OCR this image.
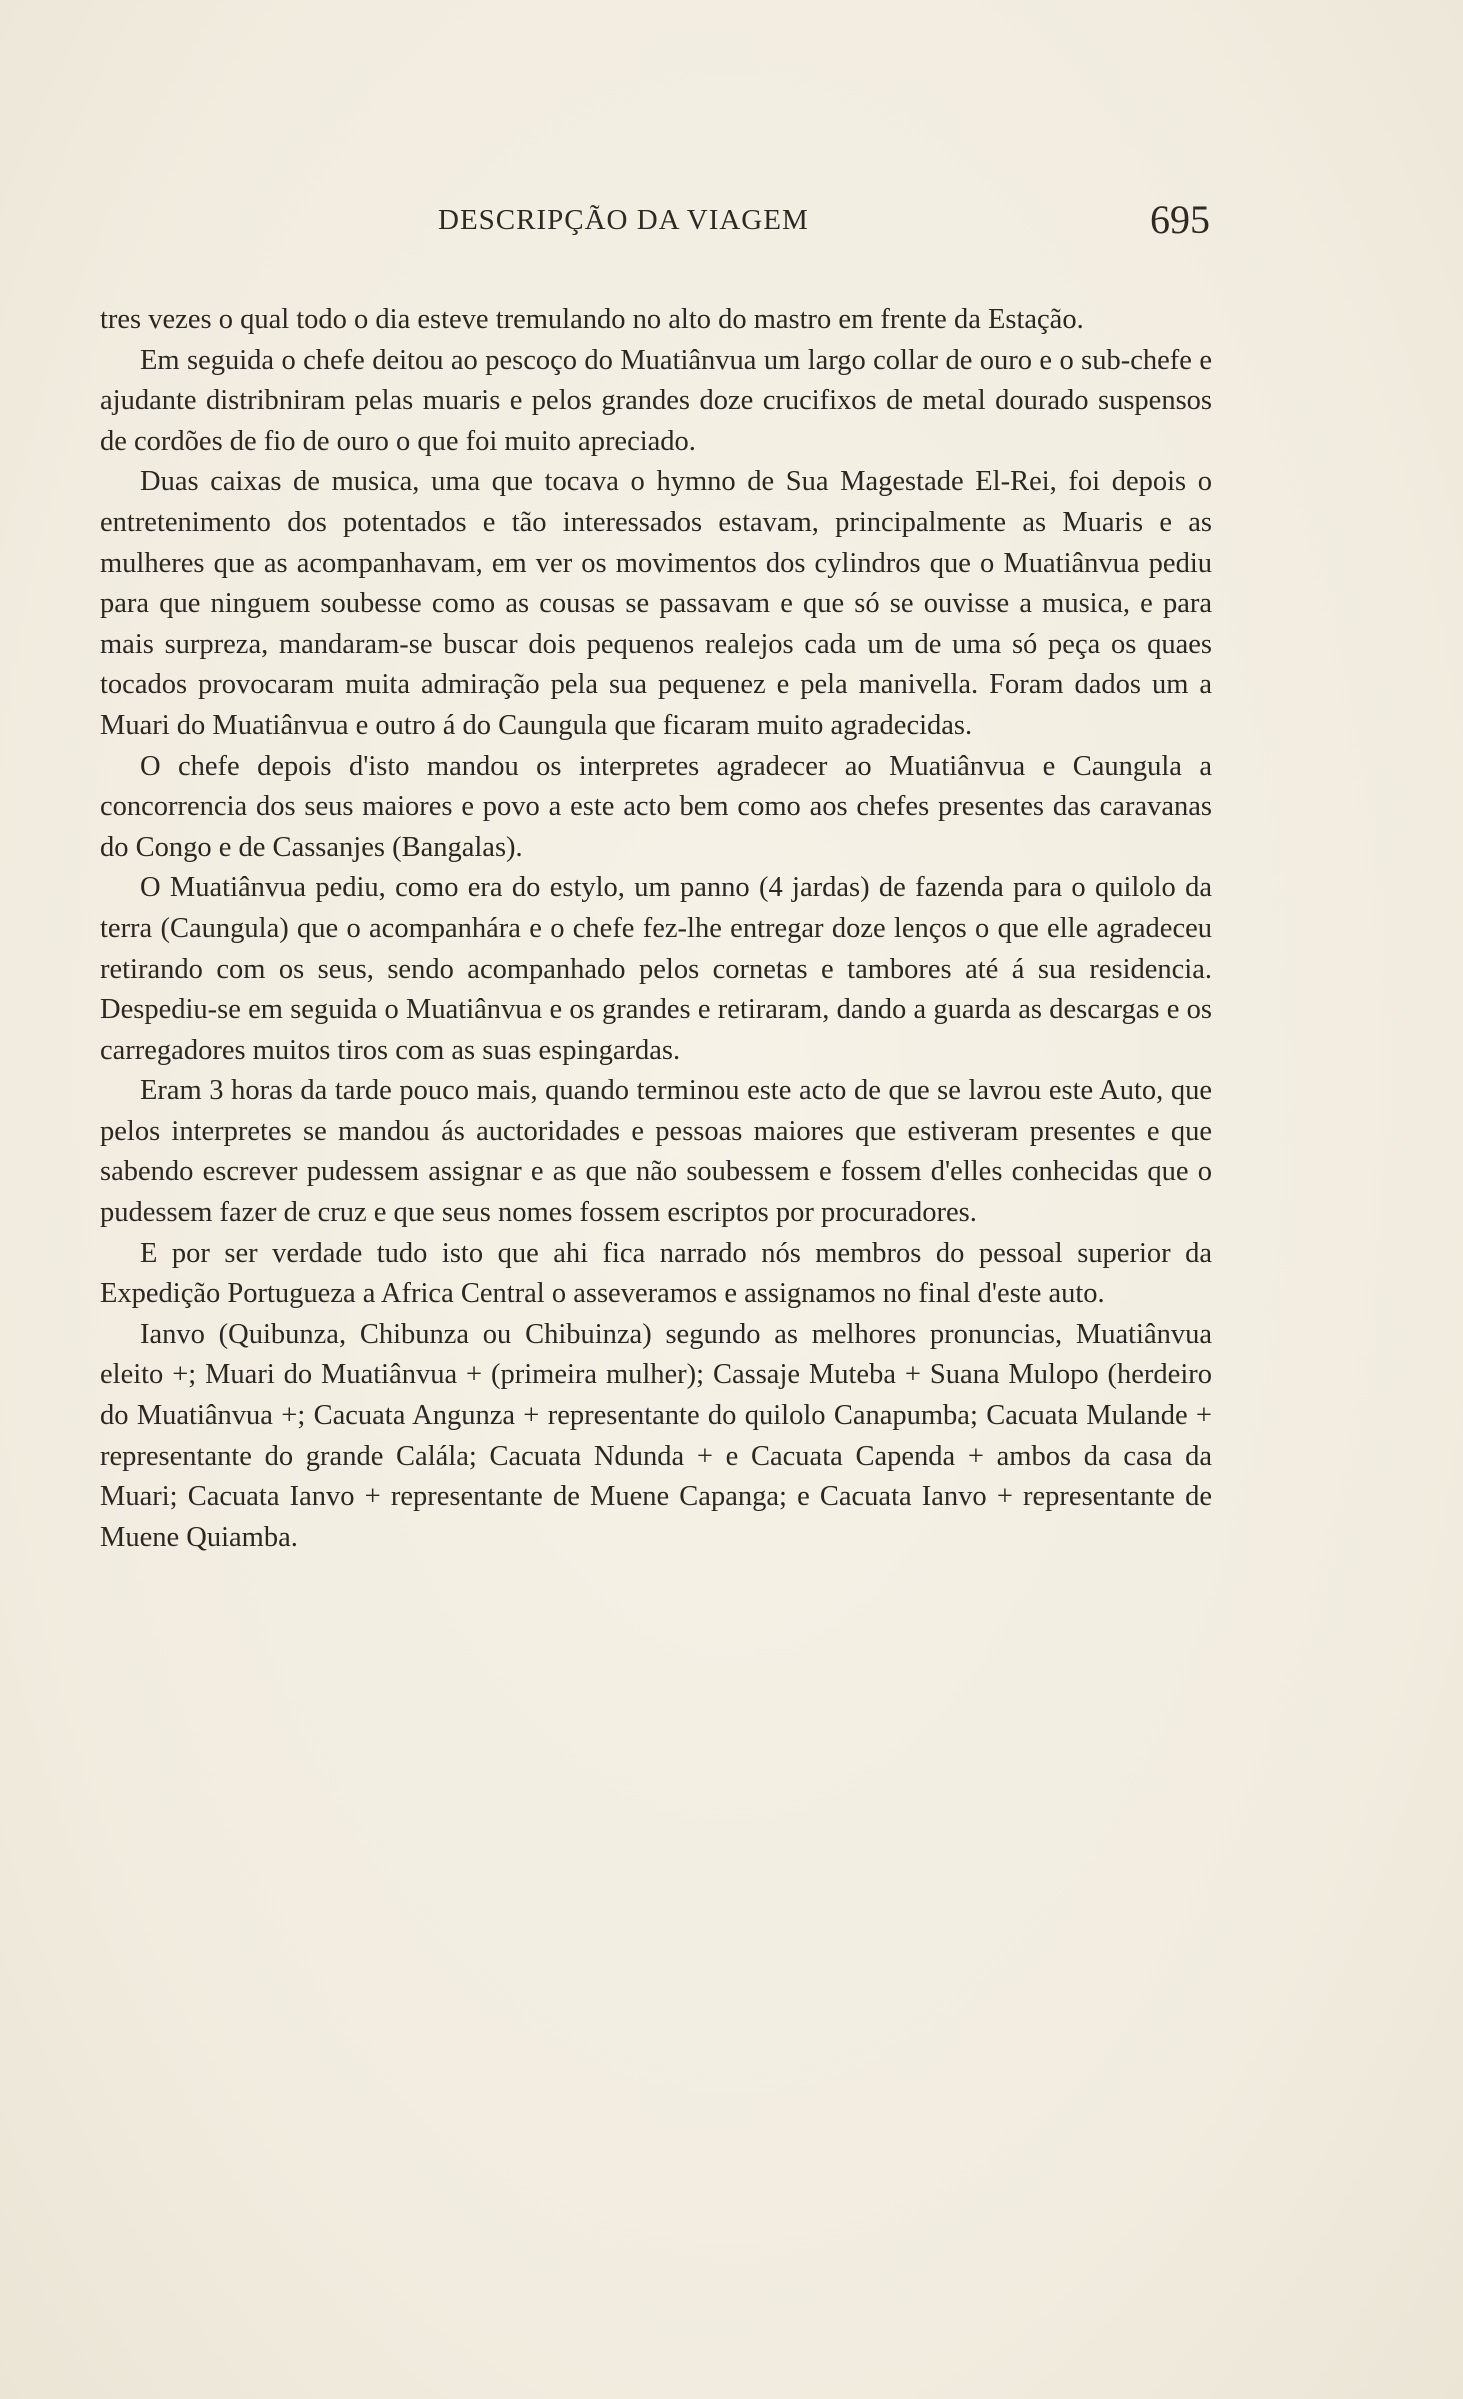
DESCRIPÇÃO DA VIAGEM	695

tres vezes o qual todo o dia esteve tremulando no alto do mastro em frente da Estação.

Em seguida o chefe deitou ao pescoço do Muatiânvua um largo collar de ouro e o sub-chefe e ajudante distribniram pelas muaris e pelos grandes doze crucifixos de metal dourado suspensos de cordões de fio de ouro o que foi muito apreciado.

Duas caixas de musica, uma que tocava o hymno de Sua Magestade El-Rei, foi depois o entretenimento dos potentados e tão interessados estavam, principalmente as Muaris e as mulheres que as acompanhavam, em ver os movimentos dos cylindros que o Muatiânvua pediu para que ninguem soubesse como as cousas se passavam e que só se ouvisse a musica, e para mais surpreza, mandaram-se buscar dois pequenos realejos cada um de uma só peça os quaes tocados provocaram muita admiração pela sua pequenez e pela manivella. Foram dados um a Muari do Muatiânvua e outro á do Caungula que ficaram muito agradecidas.

O chefe depois d'isto mandou os interpretes agradecer ao Muatiânvua e Caungula a concorrencia dos seus maiores e povo a este acto bem como aos chefes presentes das caravanas do Congo e de Cassanjes (Bangalas).

O Muatiânvua pediu, como era do estylo, um panno (4 jardas) de fazenda para o quilolo da terra (Caungula) que o acompanhára e o chefe fez-lhe entregar doze lenços o que elle agradeceu retirando com os seus, sendo acompanhado pelos cornetas e tambores até á sua residencia. Despediu-se em seguida o Muatiânvua e os grandes e retiraram, dando a guarda as descargas e os carregadores muitos tiros com as suas espingardas.

Eram 3 horas da tarde pouco mais, quando terminou este acto de que se lavrou este Auto, que pelos interpretes se mandou ás auctoridades e pessoas maiores que estiveram presentes e que sabendo escrever pudessem assignar e as que não soubessem e fossem d'elles conhecidas que o pudessem fazer de cruz e que seus nomes fossem escriptos por procuradores.

E por ser verdade tudo isto que ahi fica narrado nós membros do pessoal superior da Expedição Portugueza a Africa Central o asseveramos e assignamos no final d'este auto.

Ianvo (Quibunza, Chibunza ou Chibuinza) segundo as melhores pronuncias, Muatiânvua eleito +; Muari do Muatiânvua + (primeira mulher); Cassaje Muteba + Suana Mulopo (herdeiro do Muatiânvua +; Cacuata Angunza + representante do quilolo Canapumba; Cacuata Mulande + representante do grande Calála; Cacuata Ndunda + e Cacuata Capenda + ambos da casa da Muari; Cacuata Ianvo + representante de Muene Capanga; e Cacuata Ianvo + representante de Muene Quiamba.
